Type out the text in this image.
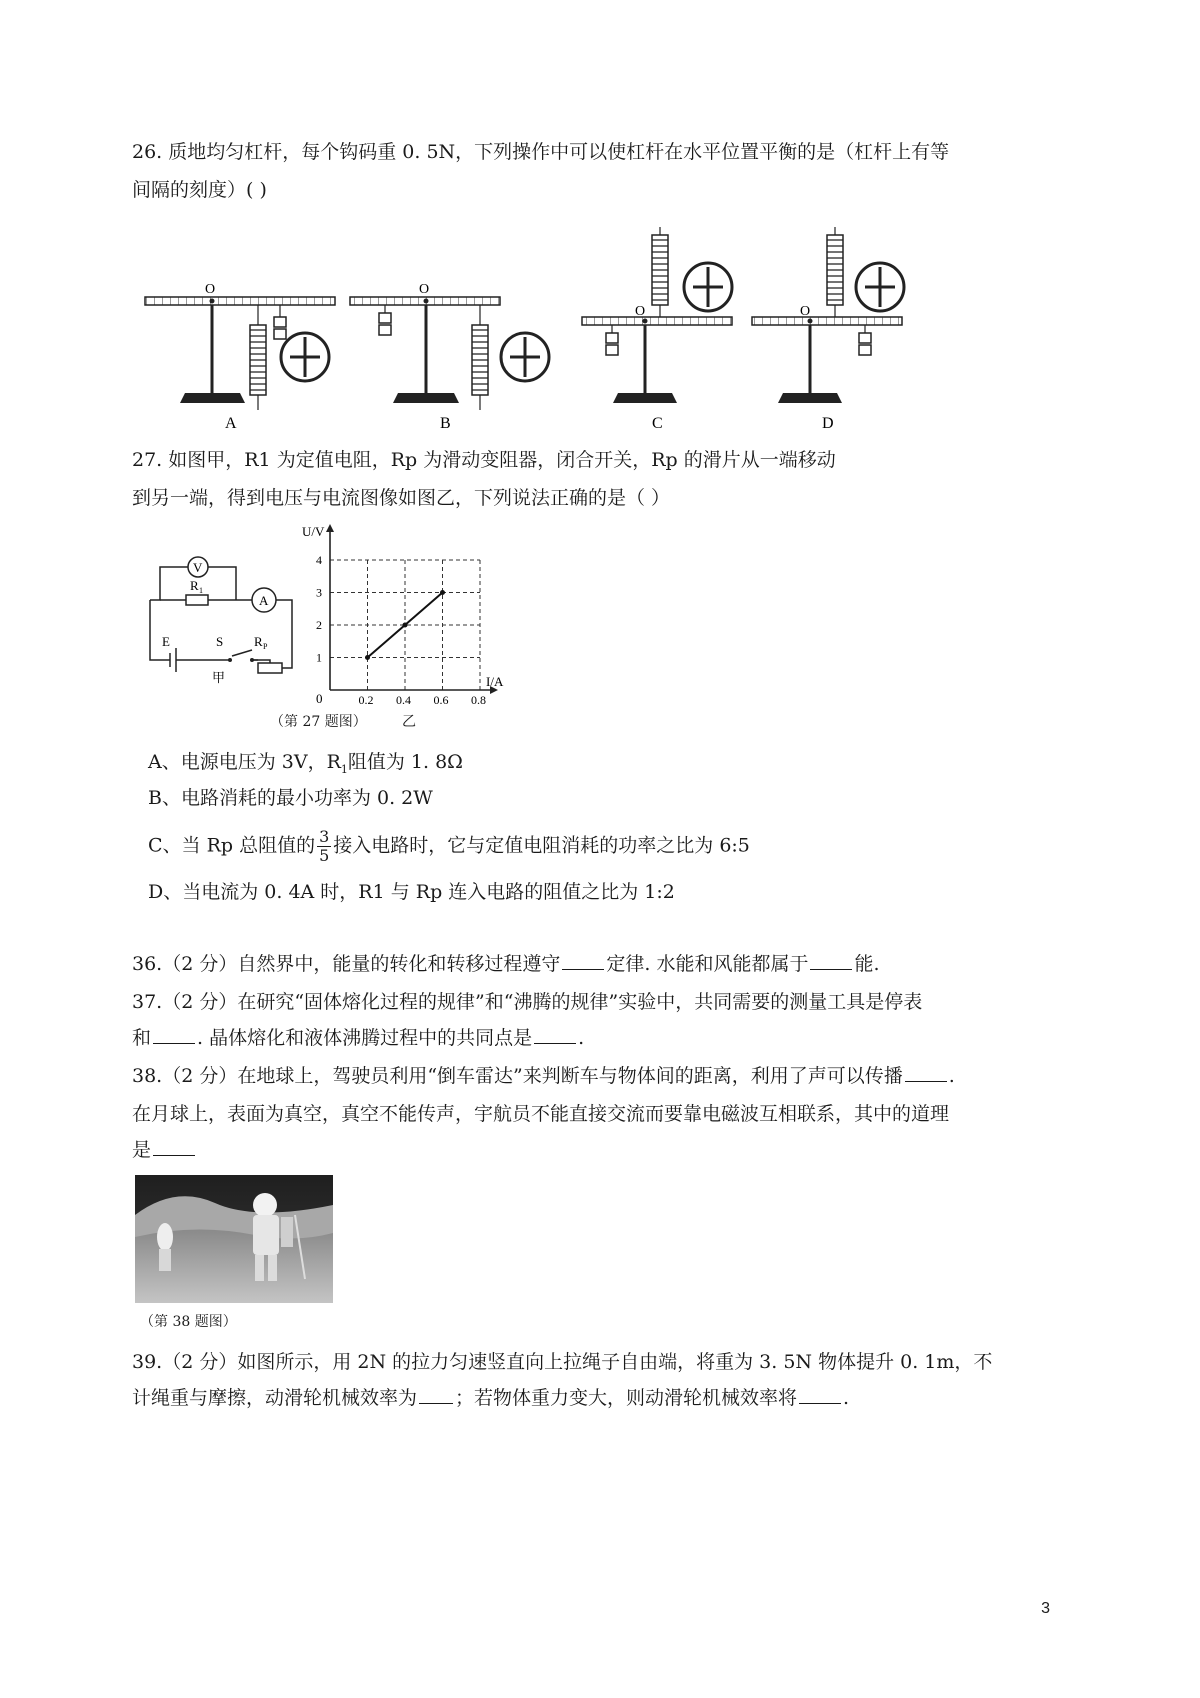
26. 质地均匀杠杆，每个钩码重 0. 5N，下列操作中可以使杠杆在水平位置平衡的是（杠杆上有等
间隔的刻度）( )
O
A
O
B
O
C
O
D
27. 如图甲，R1 为定值电阻，Rp 为滑动变阻器，闭合开关，Rp 的滑片从一端移动
到另一端，得到电压与电流图像如图乙，下列说法正确的是（ ）
V
A
R 1
E	S R P
甲
U/V
I/A
0	0.2 0.4 0.6 0.8
1
2
3
4
（第 27 题图）	乙
A、电源电压为 3V，$R_1$阻值为 1. 8Ω
B、电路消耗的最小功率为 0. 2W
C、当 Rp 总阻值的 $\frac{3}{5}$ 接入电路时，它与定值电阻消耗的功率之比为 6:5
D、当电流为 0. 4A 时，R1 与 Rp 连入电路的阻值之比为 1:2
36.（2 分）自然界中，能量的转化和转移过程遵守 定律. 水能和风能都属于 能.
37.（2 分）在研究“固体熔化过程的规律”和“沸腾的规律”实验中，共同需要的测量工具是停表
和 . 晶体熔化和液体沸腾过程中的共同点是 .
38.（2 分）在地球上，驾驶员利用“倒车雷达”来判断车与物体间的距离，利用了声可以传播 .
在月球上，表面为真空，真空不能传声，宇航员不能直接交流而要靠电磁波互相联系，其中的道理
是
（第 38 题图）
39.（2 分）如图所示，用 2N 的拉力匀速竖直向上拉绳子自由端，将重为 3. 5N 物体提升 0. 1m，不
计绳重与摩擦，动滑轮机械效率为 ；若物体重力变大，则动滑轮机械效率将 .
3
